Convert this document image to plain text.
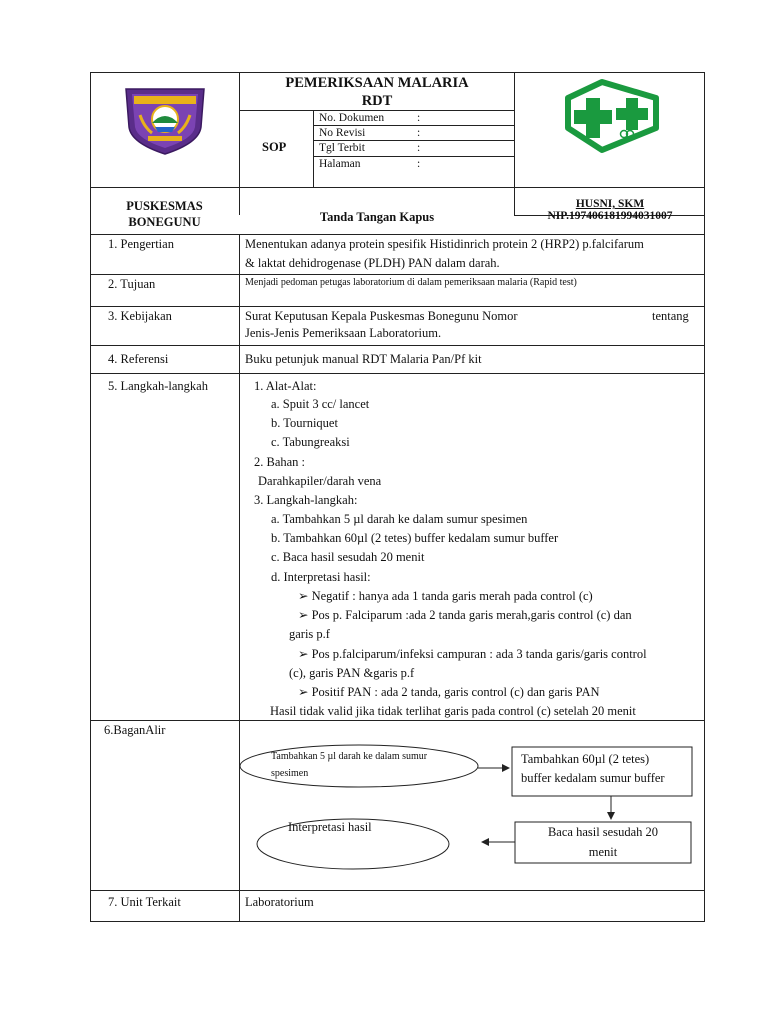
PEMERIKSAAN MALARIA
RDT
SOP
No. Dokumen	:
No Revisi	:
Tgl Terbit	:
Halaman	:
PUSKESMAS
BONEGUNU	Tanda Tangan Kapus
HUSNI, SKM
NIP.197406181994031007
1. Pengertian	Menentukan adanya protein spesifik Histidinrich protein 2 (HRP2) p.falcifarum
& laktat dehidrogenase (PLDH) PAN dalam darah.
2. Tujuan	Menjadi pedoman petugas laboratorium di dalam pemeriksaan malaria (Rapid test)
3. Kebijakan	Surat Keputusan Kepala Puskesmas Bonegunu Nomor	tentang
Jenis-Jenis Pemeriksaan Laboratorium.
4. Referensi	Buku petunjuk manual RDT Malaria Pan/Pf kit
5. Langkah-langkah	1. Alat-Alat:
a. Spuit 3 cc/ lancet
b. Tourniquet
c. Tabungreaksi
2. Bahan :
Darahkapiler/darah vena
3. Langkah-langkah:
a. Tambahkan 5 µl darah ke dalam sumur spesimen
b. Tambahkan 60µl (2 tetes) buffer kedalam sumur buffer
c. Baca hasil sesudah 20 menit
d. Interpretasi hasil:
➢ Negatif : hanya ada 1 tanda garis merah pada control (c)
➢ Pos p. Falciparum :ada 2 tanda garis merah,garis control (c) dan
garis p.f
➢ Pos p.falciparum/infeksi campuran : ada 3 tanda garis/garis control
(c), garis PAN &garis p.f
➢ Positif PAN : ada 2 tanda, garis control (c) dan garis PAN
Hasil tidak valid jika tidak terlihat garis pada control (c) setelah 20 menit
6.BaganAlir
Tambahkan 5 µl darah ke dalam sumur
spesimen
Tambahkan 60µl (2 tetes)
buffer kedalam sumur buffer
Baca hasil sesudah 20
menit
Interpretasi hasil
7. Unit Terkait	Laboratorium
